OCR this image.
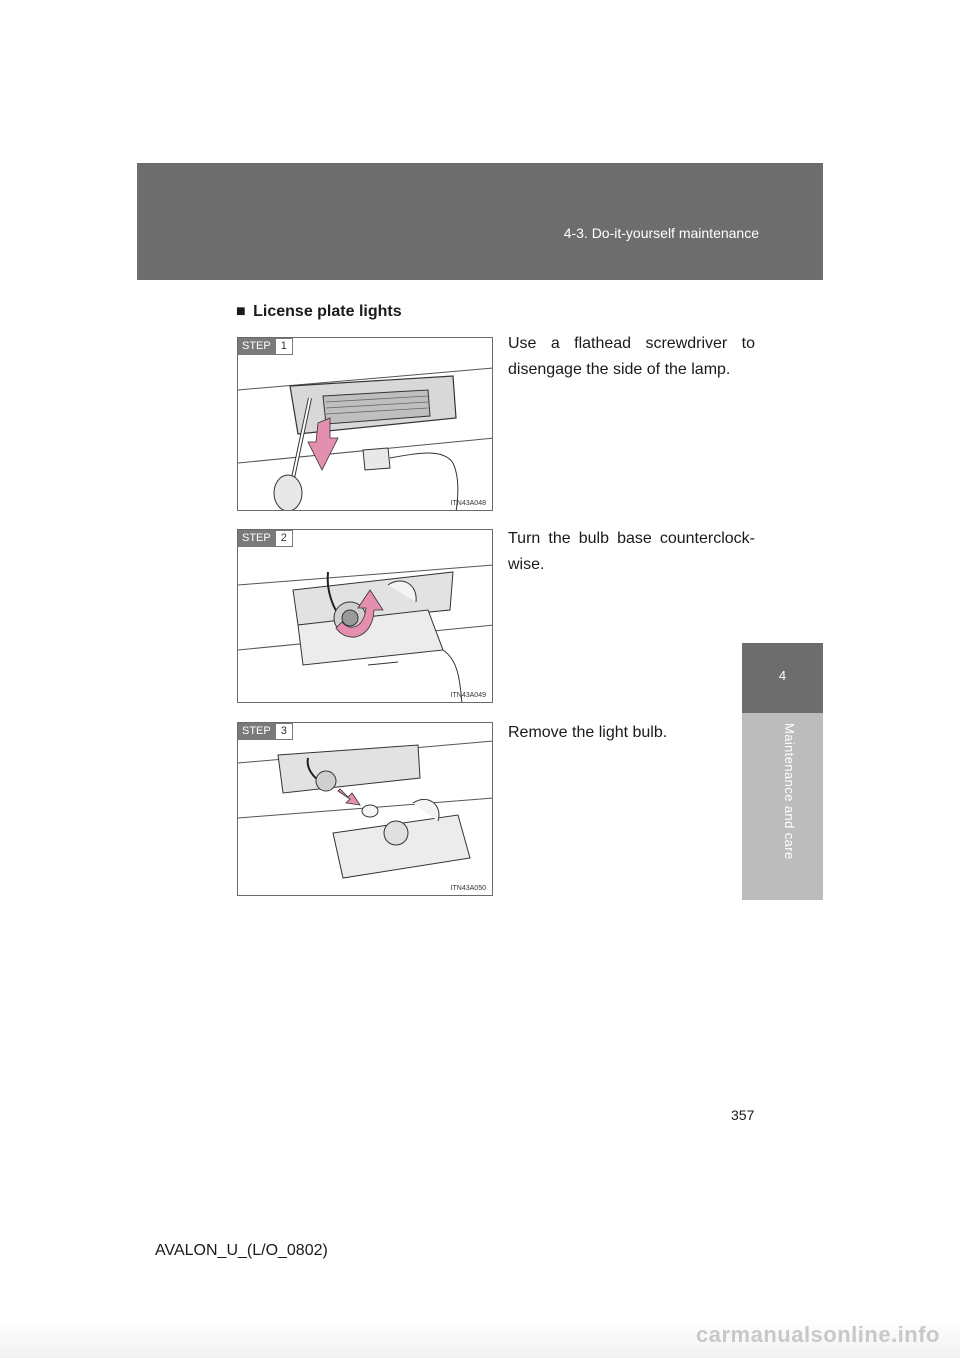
4-3. Do-it-yourself maintenance
4
Maintenance and care
■ License plate lights
STEP 1
ITN43A048
Use a flathead screwdriver to disengage the side of the lamp.
STEP 2
ITN43A049
Turn the bulb base counterclock-wise.
STEP 3
ITN43A050
Remove the light bulb.
357
AVALON_U_(L/O_0802)
carmanualsonline.info
